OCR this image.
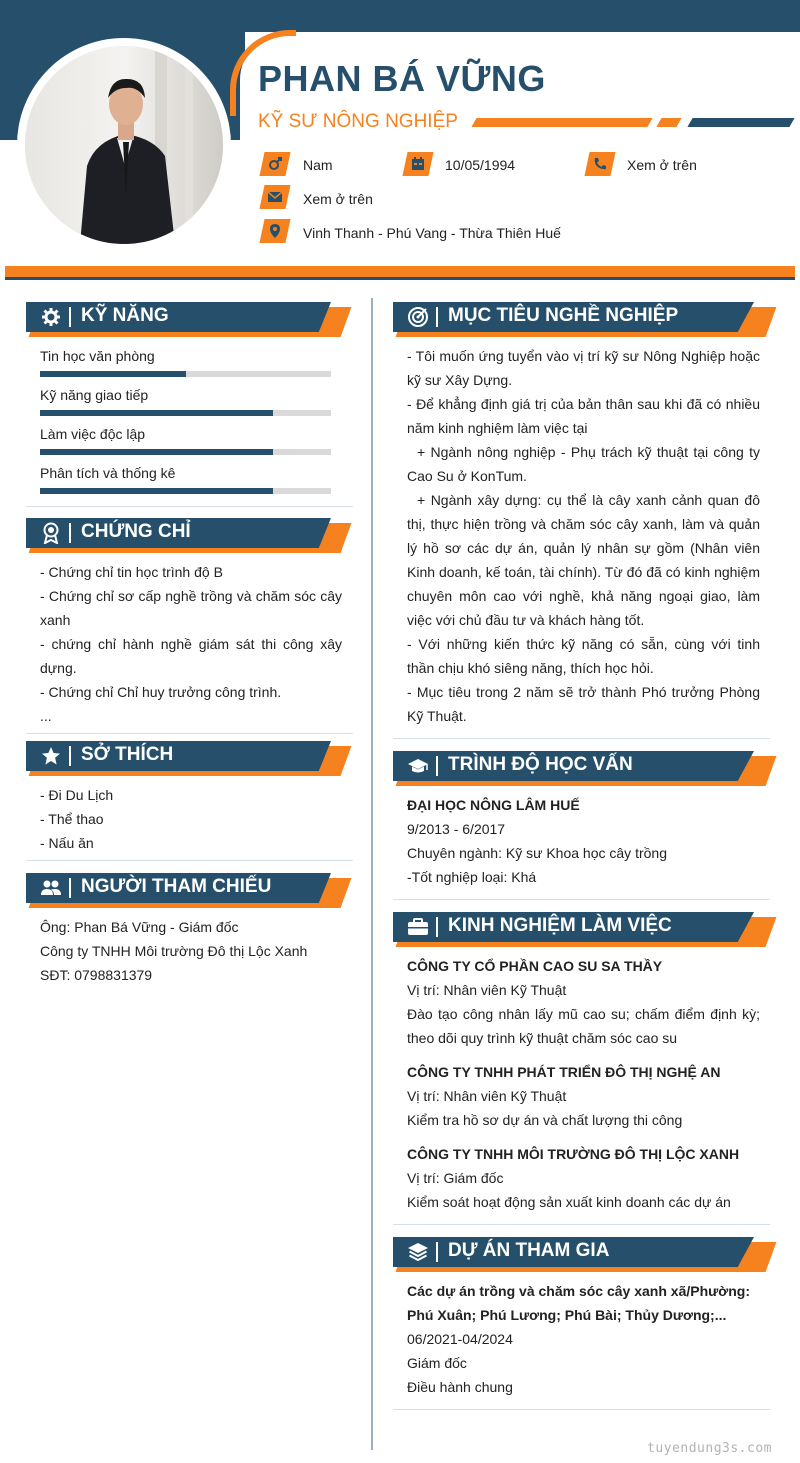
PHAN BÁ VỮNG
KỸ SƯ NÔNG NGHIỆP
Nam	10/05/1994	Xem ở trên
Xem ở trên
Vinh Thanh - Phú Vang - Thừa Thiên Huế
KỸ NĂNG
Tin học văn phòng
Kỹ năng giao tiếp
Làm việc độc lập
Phân tích và thống kê
CHỨNG CHỈ
- Chứng chỉ tin học trình độ B
- Chứng chỉ sơ cấp nghề trồng và chăm sóc cây xanh
- chứng chỉ hành nghề giám sát thi công xây dựng.
- Chứng chỉ Chỉ huy trưởng công trình.
...
SỞ THÍCH
- Đi Du Lịch
- Thể thao
- Nấu ăn
NGƯỜI THAM CHIẾU
Ông: Phan Bá Vững - Giám đốc
Công ty TNHH Môi trường Đô thị Lộc Xanh
SĐT: 0798831379
MỤC TIÊU NGHỀ NGHIỆP
- Tôi muốn ứng tuyển vào vị trí kỹ sư Nông Nghiệp hoặc kỹ sư Xây Dựng.
- Để khẳng định giá trị của bản thân sau khi đã có nhiều năm kinh nghiệm làm việc tại
+ Ngành nông nghiệp - Phụ trách kỹ thuật tại công ty Cao Su ở KonTum.
+ Ngành xây dựng: cụ thể là cây xanh cảnh quan đô thị, thực hiện trồng và chăm sóc cây xanh, làm và quản lý hồ sơ các dự án, quản lý nhân sự gồm (Nhân viên Kinh doanh, kế toán, tài chính). Từ đó đã có kinh nghiệm chuyên môn cao với nghề, khả năng ngoại giao, làm việc với chủ đầu tư và khách hàng tốt.
- Với những kiến thức kỹ năng có sẵn, cùng với tinh thần chịu khó siêng năng, thích học hỏi.
- Mục tiêu trong 2 năm sẽ trở thành Phó trưởng Phòng Kỹ Thuật.
TRÌNH ĐỘ HỌC VẤN
ĐẠI HỌC NÔNG LÂM HUẾ
9/2013 - 6/2017
Chuyên ngành: Kỹ sư Khoa học cây trồng
-Tốt nghiệp loại: Khá
KINH NGHIỆM LÀM VIỆC
CÔNG TY CỔ PHẦN CAO SU SA THẦY
Vị trí: Nhân viên Kỹ Thuật
Đào tạo công nhân lấy mũ cao su; chấm điểm định kỳ; theo dõi quy trình kỹ thuật chăm sóc cao su
CÔNG TY TNHH PHÁT TRIỂN ĐÔ THỊ NGHỆ AN
Vị trí: Nhân viên Kỹ Thuật
Kiểm tra hồ sơ dự án và chất lượng thi công
CÔNG TY TNHH MÔI TRƯỜNG ĐÔ THỊ LỘC XANH
Vị trí: Giám đốc
Kiểm soát hoạt động sản xuất kinh doanh các dự án
DỰ ÁN THAM GIA
Các dự án trồng và chăm sóc cây xanh xã/Phường: Phú Xuân; Phú Lương; Phú Bài; Thủy Dương;...
06/2021-04/2024
Giám đốc
Điều hành chung
tuyendung3s.com
